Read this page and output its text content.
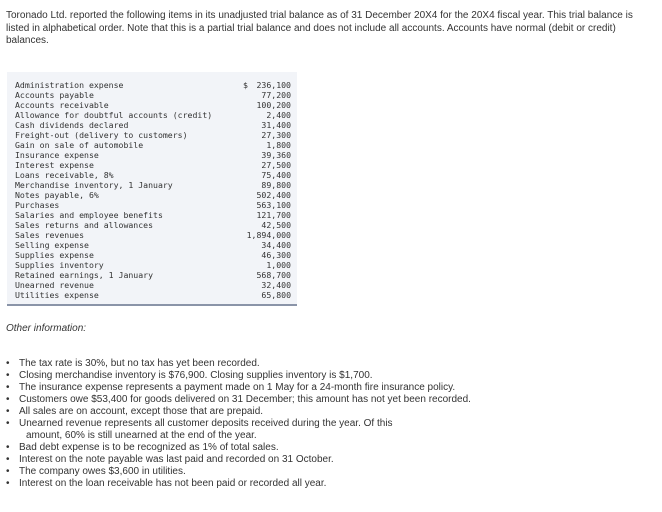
Toronado Ltd. reported the following items in its unadjusted trial balance as of 31 December 20X4 for the 20X4 fiscal year. This trial balance is listed in alphabetical order. Note that this is a partial trial balance and does not include all accounts. Accounts have normal (debit or credit) balances.
Administration expense	$ 236,100
Accounts payable	77,200
Accounts receivable	100,200
Allowance for doubtful accounts (credit)	2,400
Cash dividends declared	31,400
Freight-out (delivery to customers)	27,300
Gain on sale of automobile	1,800
Insurance expense	39,360
Interest expense	27,500
Loans receivable, 8%	75,400
Merchandise inventory, 1 January	89,800
Notes payable, 6%	502,400
Purchases	563,100
Salaries and employee benefits	121,700
Sales returns and allowances	42,500
Sales revenues	1,894,000
Selling expense	34,400
Supplies expense	46,300
Supplies inventory	1,000
Retained earnings, 1 January	568,700
Unearned revenue	32,400
Utilities expense	65,800
Other information:
• The tax rate is 30%, but no tax has yet been recorded.
• Closing merchandise inventory is $76,900. Closing supplies inventory is $1,700.
• The insurance expense represents a payment made on 1 May for a 24-month fire insurance policy.
• Customers owe $53,400 for goods delivered on 31 December; this amount has not yet been recorded.
• All sales are on account, except those that are prepaid.
• Unearned revenue represents all customer deposits received during the year. Of this
amount, 60% is still unearned at the end of the year.
• Bad debt expense is to be recognized as 1% of total sales.
• Interest on the note payable was last paid and recorded on 31 October.
• The company owes $3,600 in utilities.
• Interest on the loan receivable has not been paid or recorded all year.
